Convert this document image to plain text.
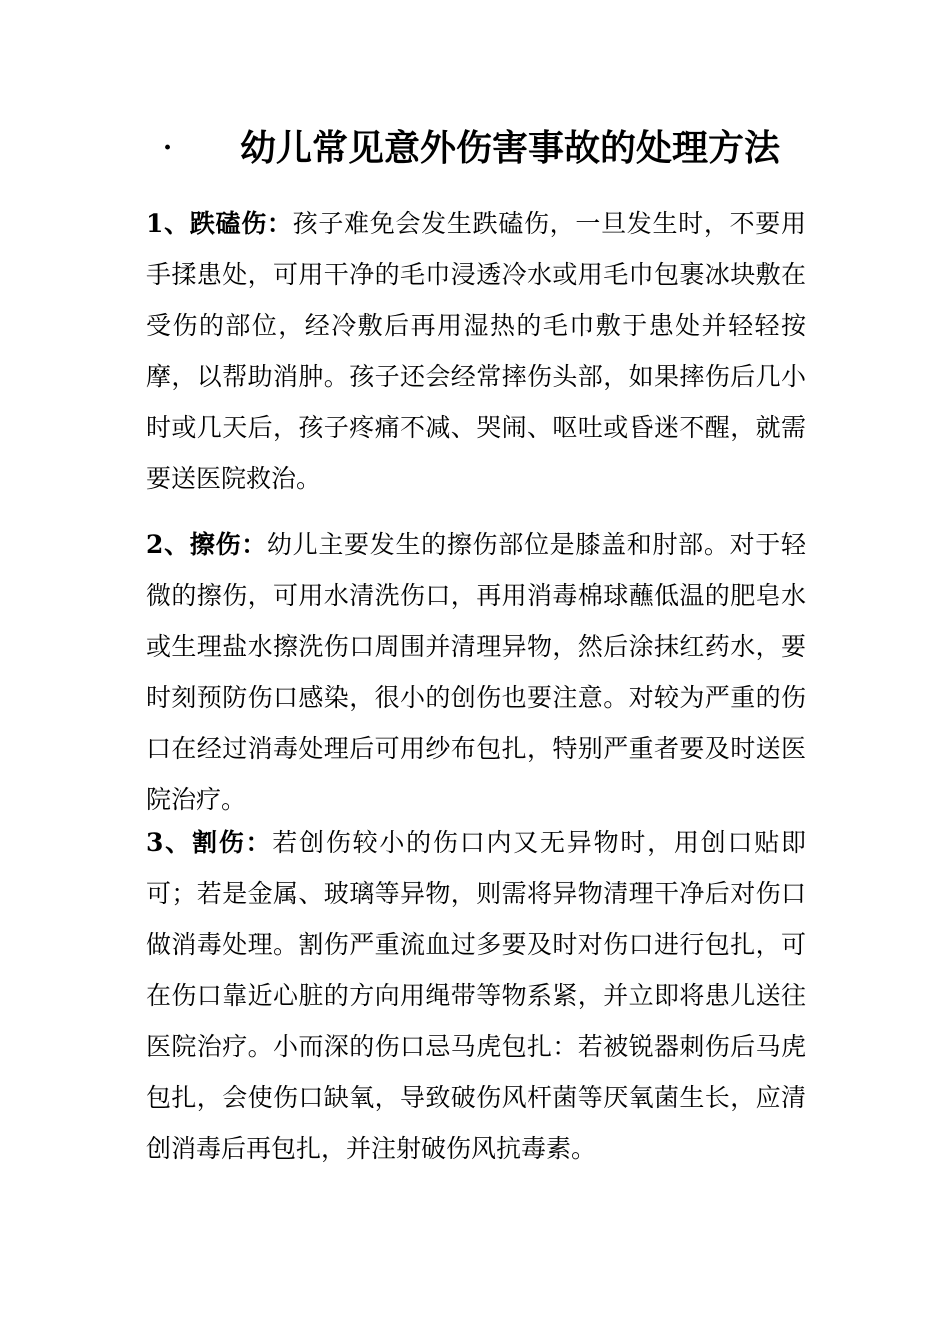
· 幼儿常见意外伤害事故的处理方法

1、跌磕伤：孩子难免会发生跌磕伤，一旦发生时，不要用手揉患处，可用干净的毛巾浸透冷水或用毛巾包裹冰块敷在受伤的部位，经冷敷后再用湿热的毛巾敷于患处并轻轻按摩，以帮助消肿。孩子还会经常摔伤头部，如果摔伤后几小时或几天后，孩子疼痛不减、哭闹、呕吐或昏迷不醒，就需要送医院救治。

2、擦伤：幼儿主要发生的擦伤部位是膝盖和肘部。对于轻微的擦伤，可用水清洗伤口，再用消毒棉球蘸低温的肥皂水或生理盐水擦洗伤口周围并清理异物，然后涂抹红药水，要时刻预防伤口感染，很小的创伤也要注意。对较为严重的伤口在经过消毒处理后可用纱布包扎，特别严重者要及时送医院治疗。

3、割伤：若创伤较小的伤口内又无异物时，用创口贴即可；若是金属、玻璃等异物，则需将异物清理干净后对伤口做消毒处理。割伤严重流血过多要及时对伤口进行包扎，可在伤口靠近心脏的方向用绳带等物系紧，并立即将患儿送往医院治疗。小而深的伤口忌马虎包扎：若被锐器刺伤后马虎包扎，会使伤口缺氧，导致破伤风杆菌等厌氧菌生长，应清创消毒后再包扎，并注射破伤风抗毒素。
